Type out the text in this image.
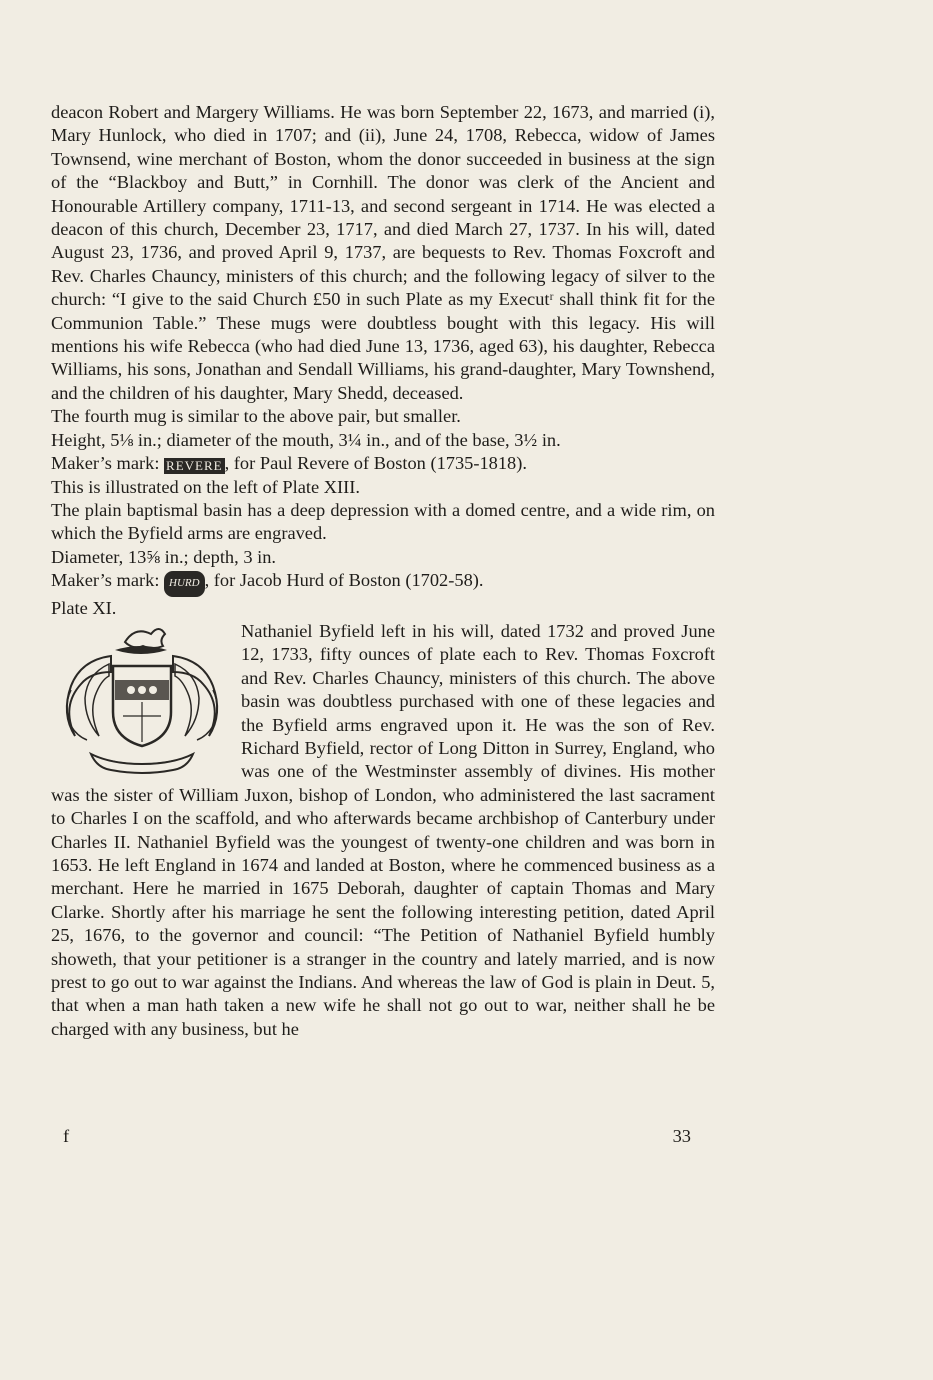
deacon Robert and Margery Williams. He was born September 22, 1673, and married (i), Mary Hunlock, who died in 1707; and (ii), June 24, 1708, Rebecca, widow of James Townsend, wine merchant of Boston, whom the donor succeeded in business at the sign of the “Blackboy and Butt,” in Cornhill. The donor was clerk of the Ancient and Honourable Artillery company, 1711-13, and second sergeant in 1714. He was elected a deacon of this church, December 23, 1717, and died March 27, 1737. In his will, dated August 23, 1736, and proved April 9, 1737, are bequests to Rev. Thomas Foxcroft and Rev. Charles Chauncy, ministers of this church; and the following legacy of silver to the church: “I give to the said Church £50 in such Plate as my Executʳ shall think fit for the Communion Table.” These mugs were doubtless bought with this legacy. His will mentions his wife Rebecca (who had died June 13, 1736, aged 63), his daughter, Rebecca Williams, his sons, Jonathan and Sendall Williams, his grand-daughter, Mary Townshend, and the children of his daughter, Mary Shedd, deceased.

The fourth mug is similar to the above pair, but smaller.

Height, 5⅛ in.; diameter of the mouth, 3¼ in., and of the base, 3½ in.

Maker’s mark: REVERE , for Paul Revere of Boston (1735-1818).

This is illustrated on the left of Plate XIII.

The plain baptismal basin has a deep depression with a domed centre, and a wide rim, on which the Byfield arms are engraved.

Diameter, 13⅝ in.; depth, 3 in.

Maker’s mark: HURD , for Jacob Hurd of Boston (1702-58).

Plate XI.

Nathaniel Byfield left in his will, dated 1732 and proved June 12, 1733, fifty ounces of plate each to Rev. Thomas Foxcroft and Rev. Charles Chauncy, ministers of this church. The above basin was doubtless purchased with one of these legacies and the Byfield arms engraved upon it. He was the son of Rev. Richard Byfield, rector of Long Ditton in Surrey, England, who was one of the Westminster assembly of divines. His mother was the sister of William Juxon, bishop of London, who administered the last sacrament to Charles I on the scaffold, and who afterwards became archbishop of Canterbury under Charles II. Nathaniel Byfield was the youngest of twenty-one children and was born in 1653. He left England in 1674 and landed at Boston, where he commenced business as a merchant. Here he married in 1675 Deborah, daughter of captain Thomas and Mary Clarke. Shortly after his marriage he sent the following interesting petition, dated April 25, 1676, to the governor and council: “The Petition of Nathaniel Byfield humbly showeth, that your petitioner is a stranger in the country and lately married, and is now prest to go out to war against the Indians. And whereas the law of God is plain in Deut. 5, that when a man hath taken a new wife he shall not go out to war, neither shall he be charged with any business, but he

f	33
